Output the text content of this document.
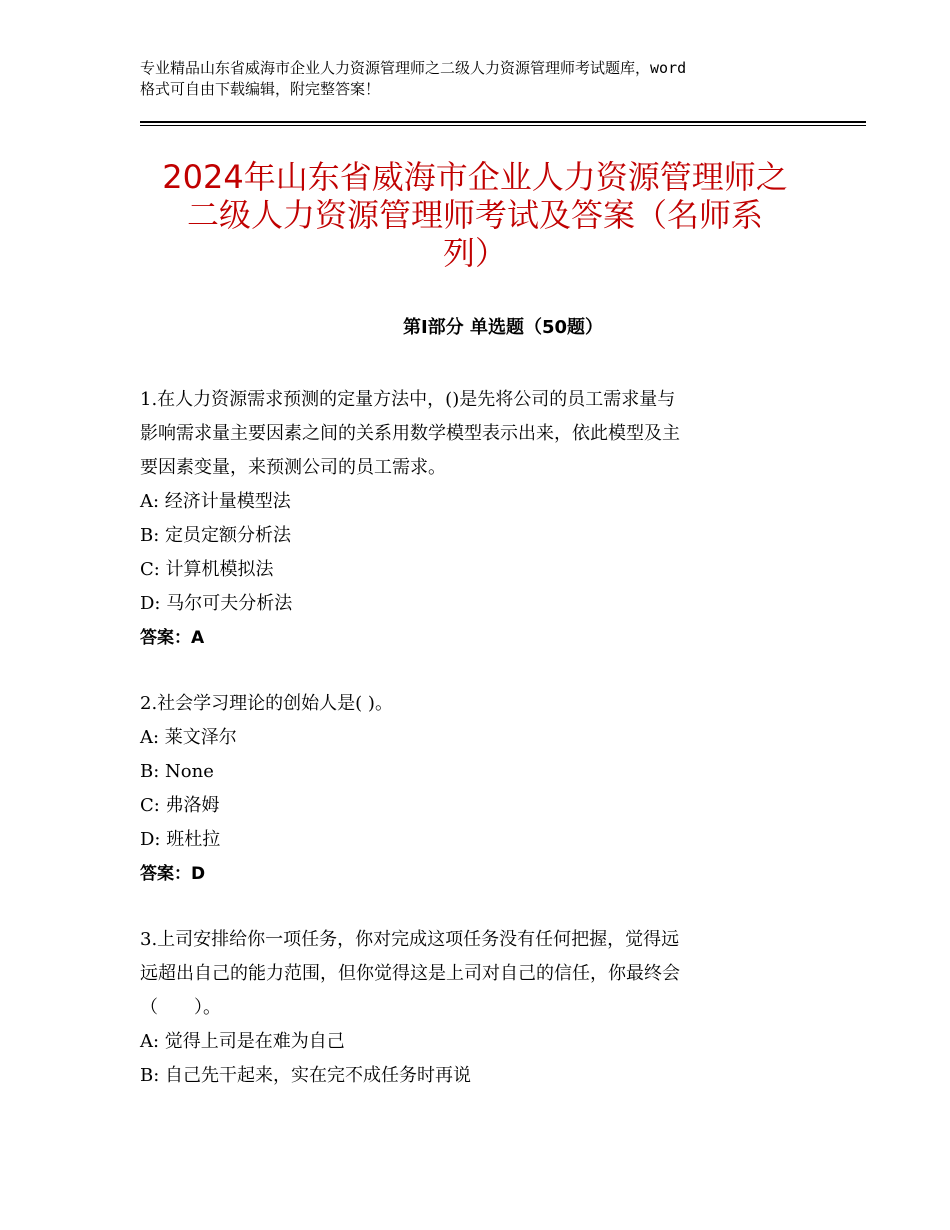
专业精品山东省威海市企业人力资源管理师之二级人力资源管理师考试题库，word
格式可自由下载编辑，附完整答案！
2024年山东省威海市企业人力资源管理师之
二级人力资源管理师考试及答案（名师系
列）
第Ⅰ部分 单选题（50题）
1.在人力资源需求预测的定量方法中，()是先将公司的员工需求量与
影响需求量主要因素之间的关系用数学模型表示出来，依此模型及主
要因素变量，来预测公司的员工需求。
A: 经济计量模型法
B: 定员定额分析法
C: 计算机模拟法
D: 马尔可夫分析法
答案：A
2.社会学习理论的创始人是( )。
A: 莱文泽尔
B: None
C: 弗洛姆
D: 班杜拉
答案：D
3.上司安排给你一项任务，你对完成这项任务没有任何把握，觉得远
远超出自己的能力范围，但你觉得这是上司对自己的信任，你最终会
（　　）。
A: 觉得上司是在难为自己
B: 自己先干起来，实在完不成任务时再说
